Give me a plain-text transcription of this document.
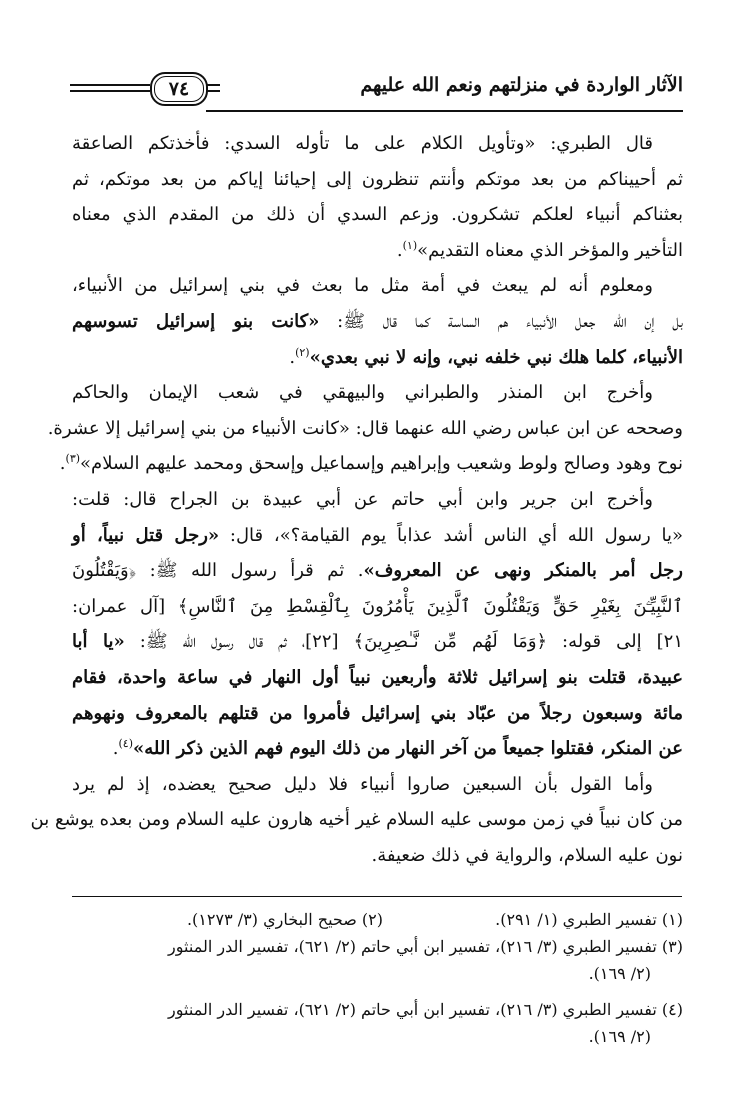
الآثار الواردة في منزلتهم ونعم الله عليهم
٧٤
قال الطبري: «وتأويل الكلام على ما تأوله السدي: فأخذتكم الصاعقة
ثم أحييناكم من بعد موتكم وأنتم تنظرون إلى إحيائنا إياكم من بعد موتكم، ثم
بعثناكم أنبياء لعلكم تشكرون. وزعم السدي أن ذلك من المقدم الذي معناه
التأخير والمؤخر الذي معناه التقديم»$^{(١)}$.
ومعلوم أنه لم يبعث في أمة مثل ما بعث في بني إسرائيل من الأنبياء،
بل إن الله جعل الأنبياء هم الساسة كما قال ﷺ: «كانت بنو إسرائيل تسوسهم
الأنبياء، كلما هلك نبي خلفه نبي، وإنه لا نبي بعدي»$^{(٢)}$.
وأخرج ابن المنذر والطبراني والبيهقي في شعب الإيمان والحاكم
وصححه عن ابن عباس رضي الله عنهما قال: «كانت الأنبياء من بني إسرائيل إلا عشرة.
نوح وهود وصالح ولوط وشعيب وإبراهيم وإسماعيل وإسحق ومحمد عليهم السلام»$^{(٣)}$.
وأخرج ابن جرير وابن أبي حاتم عن أبي عبيدة بن الجراح قال: قلت:
«يا رسول الله أي الناس أشد عذاباً يوم القيامة؟»، قال: «رجل قتل نبياً، أو
رجل أمر بالمنكر ونهى عن المعروف». ثم قرأ رسول الله ﷺ: ﴿وَيَقْتُلُونَ
ٱلنَّبِيِّـۧنَ بِغَيْرِ حَقٍّ وَيَقْتُلُونَ ٱلَّذِينَ يَأْمُرُونَ بِٱلْقِسْطِ مِنَ ٱلنَّاسِ﴾ [آل عمران:
٢١] إلى قوله: ﴿وَمَا لَهُم مِّن نَّـٰصِرِينَ﴾ [٢٢]، ثم قال رسول الله ﷺ: «يا أبا
عبيدة، قتلت بنو إسرائيل ثلاثة وأربعين نبياً أول النهار في ساعة واحدة، فقام
مائة وسبعون رجلاً من عبّاد بني إسرائيل فأمروا من قتلهم بالمعروف ونهوهم
عن المنكر، فقتلوا جميعاً من آخر النهار من ذلك اليوم فهم الذين ذكر الله»$^{(٤)}$.
وأما القول بأن السبعين صاروا أنبياء فلا دليل صحيح يعضده، إذ لم يرد
من كان نبياً في زمن موسى عليه السلام غير أخيه هارون عليه السلام ومن بعده يوشع بن
نون عليه السلام، والرواية في ذلك ضعيفة.
(١) تفسير الطبري (١/ ٢٩١).
(٢) صحيح البخاري (٣/ ١٢٧٣).
(٣) تفسير الطبري (٣/ ٢١٦)، تفسير ابن أبي حاتم (٢/ ٦٢١)، تفسير الدر المنثور
(٢/ ١٦٩).
(٤) تفسير الطبري (٣/ ٢١٦)، تفسير ابن أبي حاتم (٢/ ٦٢١)، تفسير الدر المنثور
(٢/ ١٦٩).
